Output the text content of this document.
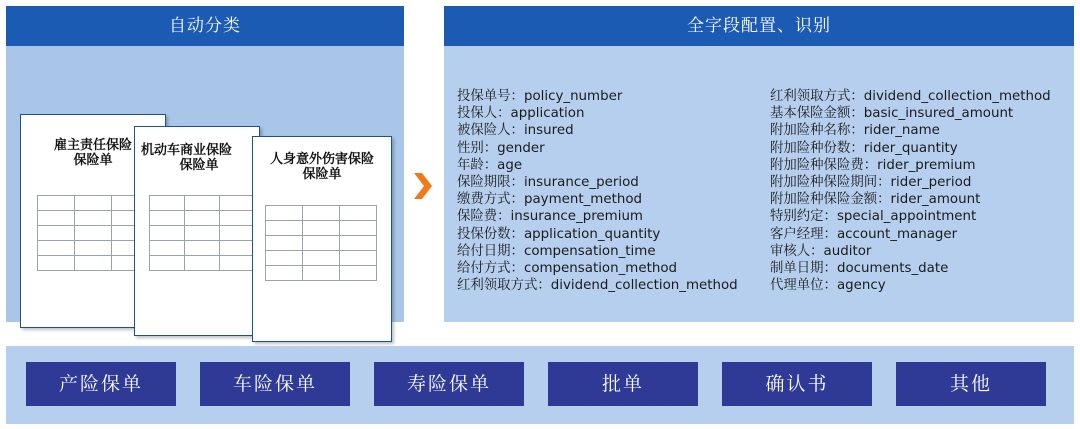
自动分类
雇主责任保险
保险单

机动车商业保险
保险单

			人身意外伤害保险
保险单

全字段配置、识别
投保单号：policy_number
投保人：application
被保险人：insured
性别：gender
年龄：age
保险期限：insurance_period
缴费方式：payment_method
保险费：insurance_premium
投保份数：application_quantity
给付日期：compensation_time
给付方式：compensation_method
红利领取方式：dividend_collection_method
红利领取方式：dividend_collection_method
基本保险金额：basic_insured_amount
附加险种名称：rider_name
附加险种份数：rider_quantity
附加险种保险费：rider_premium
附加险种保险期间：rider_period
附加险种保险金额：rider_amount
特别约定：special_appointment
客户经理：account_manager
审核人：auditor
制单日期：documents_date
代理单位：agency
产险保单	车险保单	寿险保单	批单	确认书	其他
